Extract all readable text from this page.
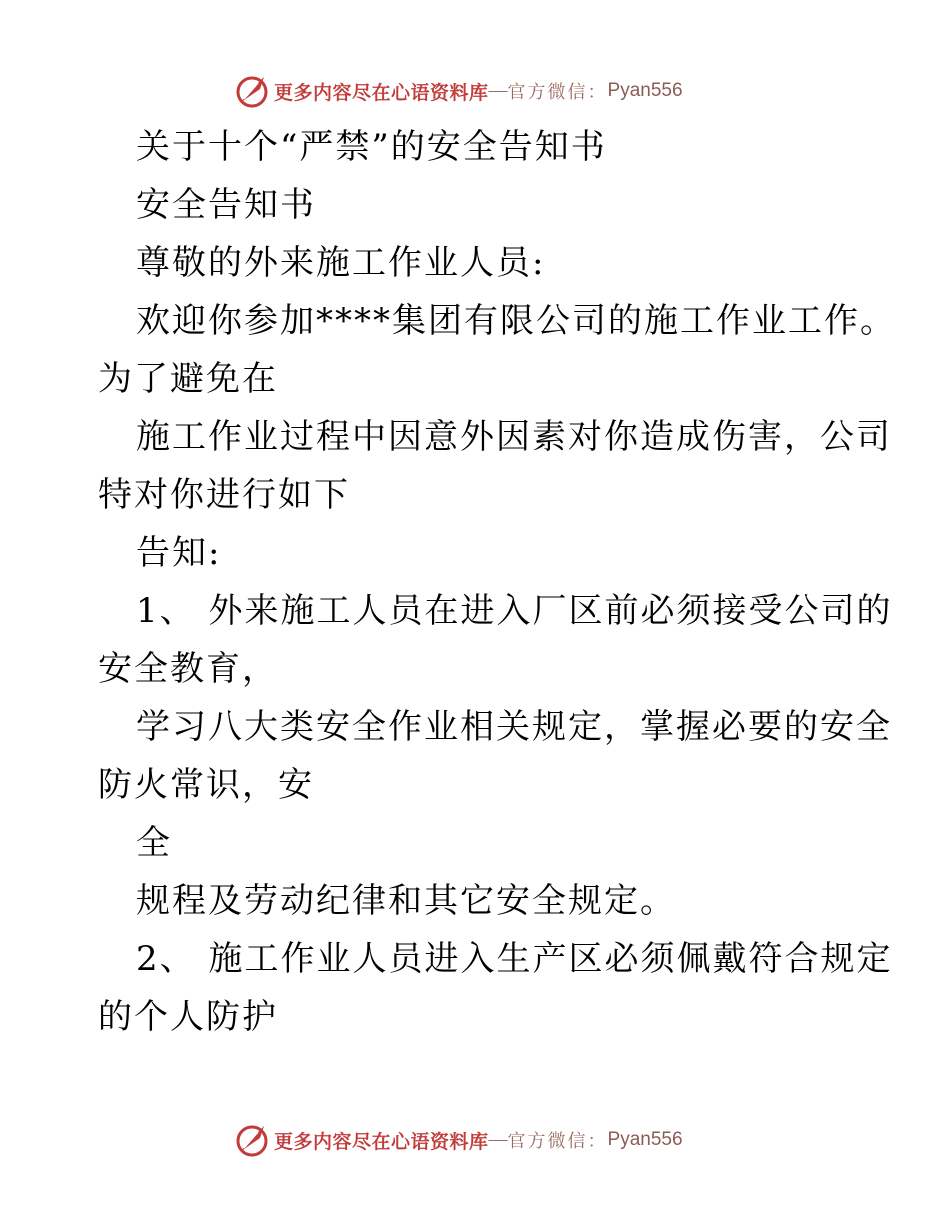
更多内容尽在心语资料库 — 官方微信： Pyan556
关于十个“严禁”的安全告知书
安全告知书
尊敬的外来施工作业人员:
欢迎你参加****集团有限公司的施工作业工作。
为了避免在
施工作业过程中因意外因素对你造成伤害，公司
特对你进行如下
告知:
1、 外来施工人员在进入厂区前必须接受公司的
安全教育，
学习八大类安全作业相关规定，掌握必要的安全
防火常识，安
全
规程及劳动纪律和其它安全规定。
2、 施工作业人员进入生产区必须佩戴符合规定
的个人防护
更多内容尽在心语资料库 — 官方微信： Pyan556
